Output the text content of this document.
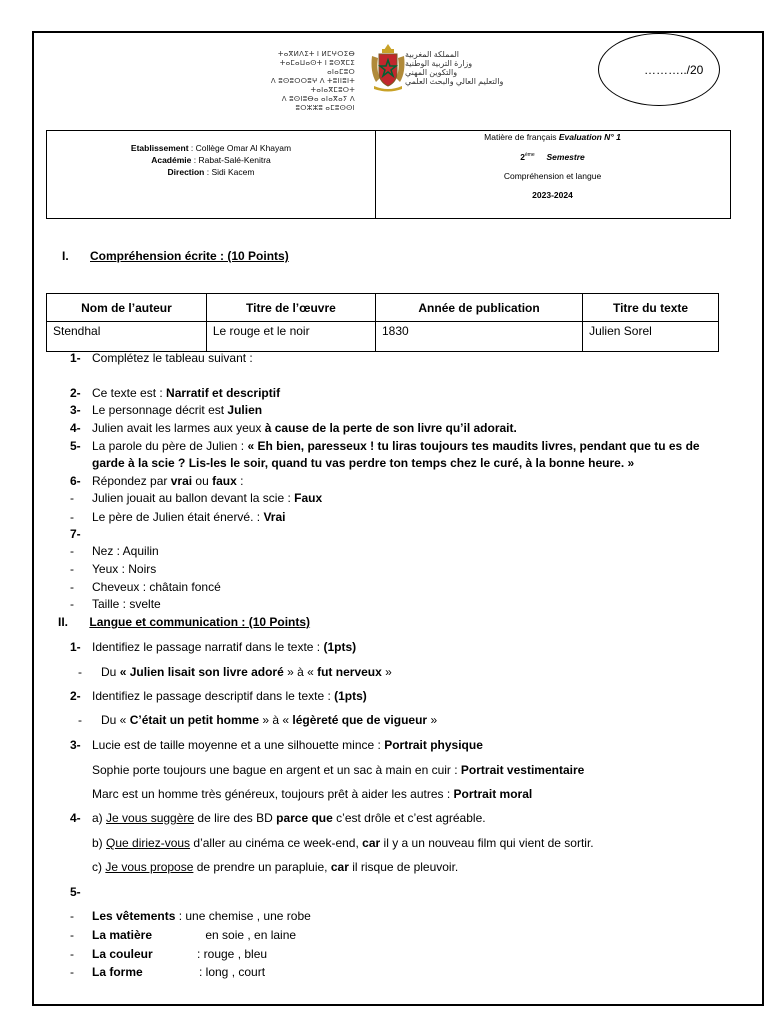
ⵜⴰⴳⵍⴷⵉⵜ ⵏ ⵍⵎⵖⵔⵉⴱ
ⵜⴰⵎⴰⵡⴰⵙⵜ ⵏ ⵓⵙⴳⵎⵉ ⴰⵏⴰⵎⵓⵔ
ⴷ ⵓⵙⵓⵔⵔⵓⵖ ⴷ ⵜⵓⵏⵏⵓⵏⵜ ⵜⴰⵏⴰⴳⵎⵓⵔⵜ
ⴷ ⵓⵙⵏⵓⴱⴰ ⴰⵏⴰⴳⴰⵢ ⴷ ⵓⵔⵣⵣⵓ ⴰⵎⵓⵙⵙⵏ
المملكة المغربية
وزارة التربية الوطنية
والتكوين المهني
والتعليم العالي والبحث العلمي
………../20
Etablissement : Collège Omar Al Khayam
Académie : Rabat-Salé-Kenitra
Direction : Sidi Kacem
Matière de français Evaluation N° 1
2ème Semestre
Compréhension et langue
2023-2024
I. Compréhension écrite : (10 Points)
Nom de l’auteur	Titre de l’œuvre	Année de publication	Titre du texte
Stendhal	Le rouge et le noir	1830	Julien Sorel
1- Complétez le tableau suivant :
2- Ce texte est : Narratif et descriptif
3- Le personnage décrit est Julien
4- Julien avait les larmes aux yeux à cause de la perte de son livre qu’il adorait.
5- La parole du père de Julien : « Eh bien, paresseux ! tu liras toujours tes maudits livres, pendant que tu es de
garde à la scie ? Lis-les le soir, quand tu vas perdre ton temps chez le curé, à la bonne heure. »
6- Répondez par vrai ou faux :
- Julien jouait au ballon devant la scie : Faux
- Le père de Julien était énervé. : Vrai
7-
- Nez : Aquilin
- Yeux : Noirs
- Cheveux : châtain foncé
- Taille : svelte
II. Langue et communication : (10 Points)
1- Identifiez le passage narratif dans le texte : (1pts)
- Du « Julien lisait son livre adoré » à « fut nerveux »
2- Identifiez le passage descriptif dans le texte : (1pts)
- Du « C’était un petit homme » à « légèreté que de vigueur »
3- Lucie est de taille moyenne et a une silhouette mince : Portrait physique
Sophie porte toujours une bague en argent et un sac à main en cuir : Portrait vestimentaire
Marc est un homme très généreux, toujours prêt à aider les autres : Portrait moral
4- a) Je vous suggère de lire des BD parce que c’est drôle et c’est agréable.
b) Que diriez-vous d’aller au cinéma ce week-end, car il y a un nouveau film qui vient de sortir.
c) Je vous propose de prendre un parapluie, car il risque de pleuvoir.
5-
- Les vêtements : une chemise , une robe
- La matière	en soie , en laine
- La couleur	: rouge , bleu
- La forme	: long , court
